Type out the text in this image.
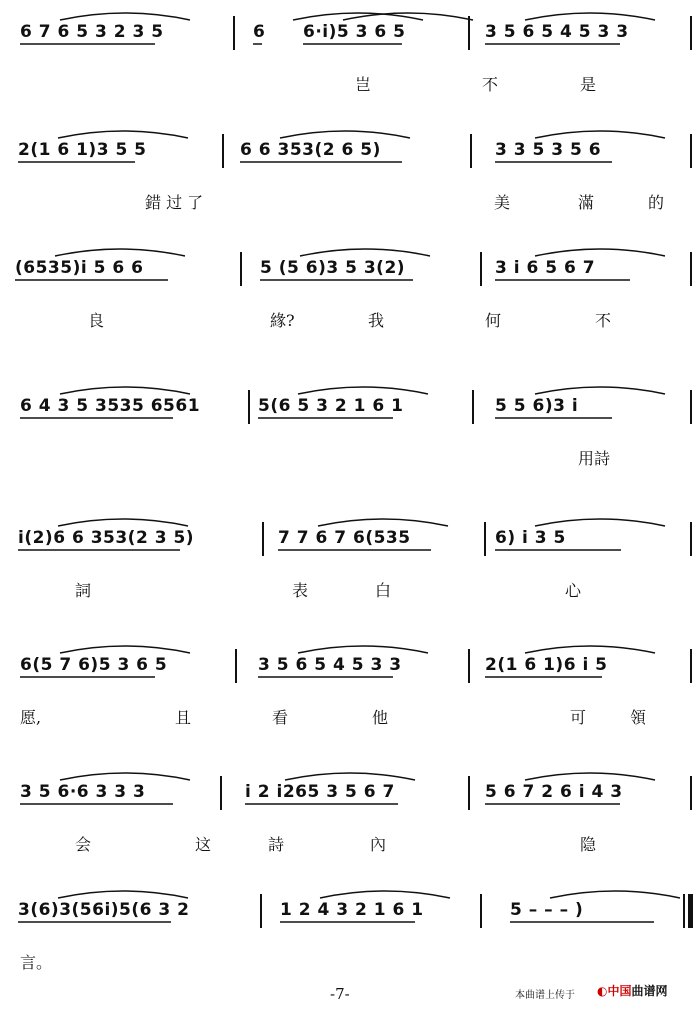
6 7 6 5 3 2 3 5	6 6·i)5 3 6 5	3 5 6 5 4 5 3 3
岂	不	是
2(1 6 1)3 5 5	6 6 353(2 6 5)	3 3 5 3 5 6
錯 过 了	美	滿	的
(6535)i 5 6 6	5 (5 6)3 5 3(2)	3 i 6 5 6 7
良	緣?	我	何	不
6 4 3 5 3535 6561	5(6 5 3 2 1 6 1	5 5 6)3 i
用詩
i(2)6 6 353(2 3 5)	7 7 6 7 6(535	6) i 3 5
詞	表	白	心
6(5 7 6)5 3 6 5	3 5 6 5 4 5 3 3	2(1 6 1)6 i 5
愿,	且	看	他	可	領
3 5 6·6 3 3 3	i 2 i265 3 5 6 7	5 6 7 2 6 i 4 3
会	这	詩	內	隐
3(6)3(56i)5(6 3 2	1 2 4 3 2 1 6 1	5 – – – )
言。
-7-	本曲谱上传于 ◐中国曲谱网
